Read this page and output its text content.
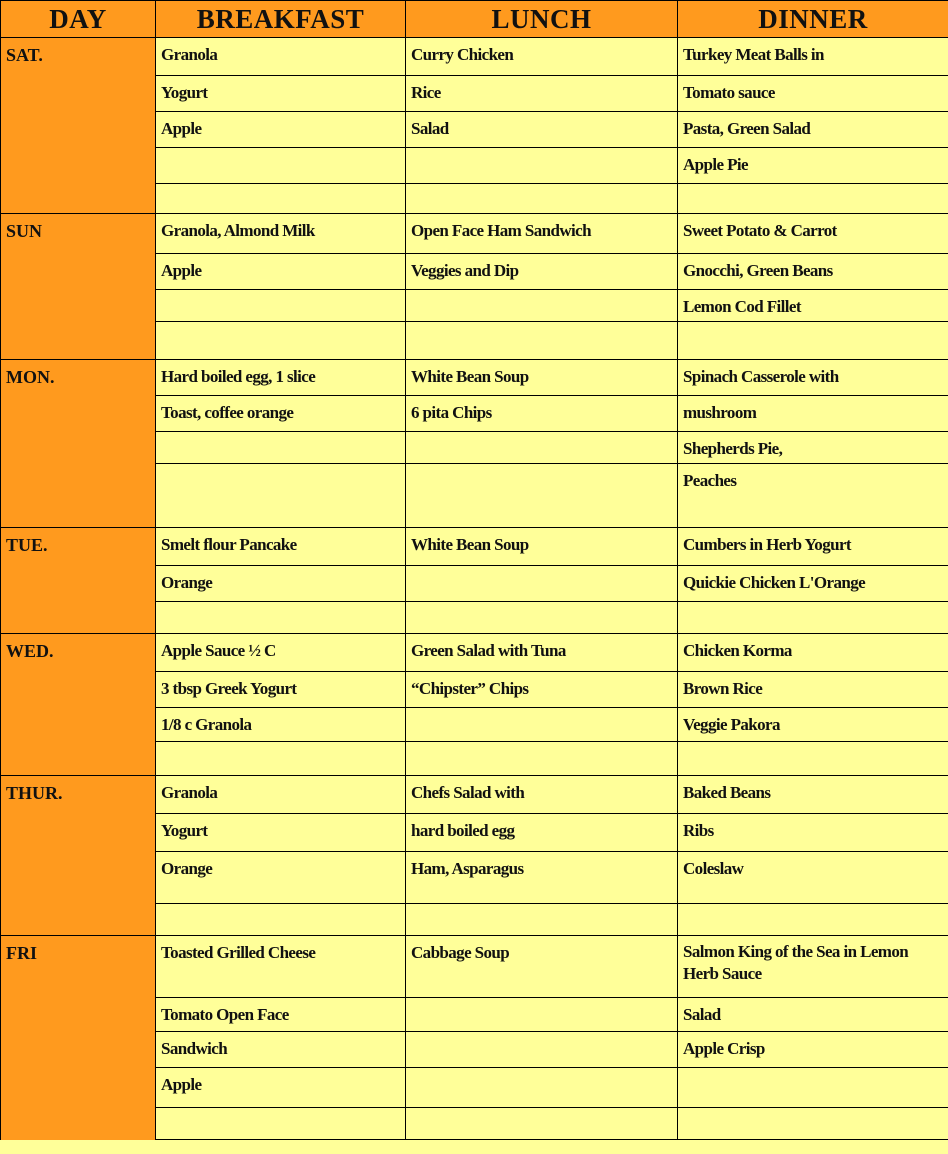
DAY	BREAKFAST	LUNCH	DINNER
SAT.	Granola	Curry Chicken	Turkey Meat Balls in
	Yogurt	Rice	Tomato sauce
	Apple	Salad	Pasta, Green Salad
			Apple Pie

SUN	Granola, Almond Milk	Open Face Ham Sandwich	Sweet Potato & Carrot
	Apple	Veggies and Dip	Gnocchi, Green Beans
			Lemon Cod Fillet

MON.	Hard boiled egg, 1 slice	White Bean Soup	Spinach Casserole with
	Toast, coffee orange	6 pita Chips	mushroom
			Shepherds Pie,
			Peaches
TUE.	Smelt flour Pancake	White Bean Soup	Cumbers in Herb Yogurt
	Orange		Quickie Chicken L'Orange

WED.	Apple Sauce ½ C	Green Salad with Tuna	Chicken Korma
	3 tbsp Greek Yogurt	“Chipster” Chips	Brown Rice
	1/8 c Granola		Veggie Pakora

THUR.	Granola	Chefs Salad with	Baked Beans
	Yogurt	hard boiled egg	Ribs
	Orange	Ham, Asparagus	Coleslaw

FRI	Toasted Grilled Cheese	Cabbage Soup	Salmon King of the Sea in Lemon Herb Sauce
	Tomato Open Face		Salad
	Sandwich		Apple Crisp
	Apple		
